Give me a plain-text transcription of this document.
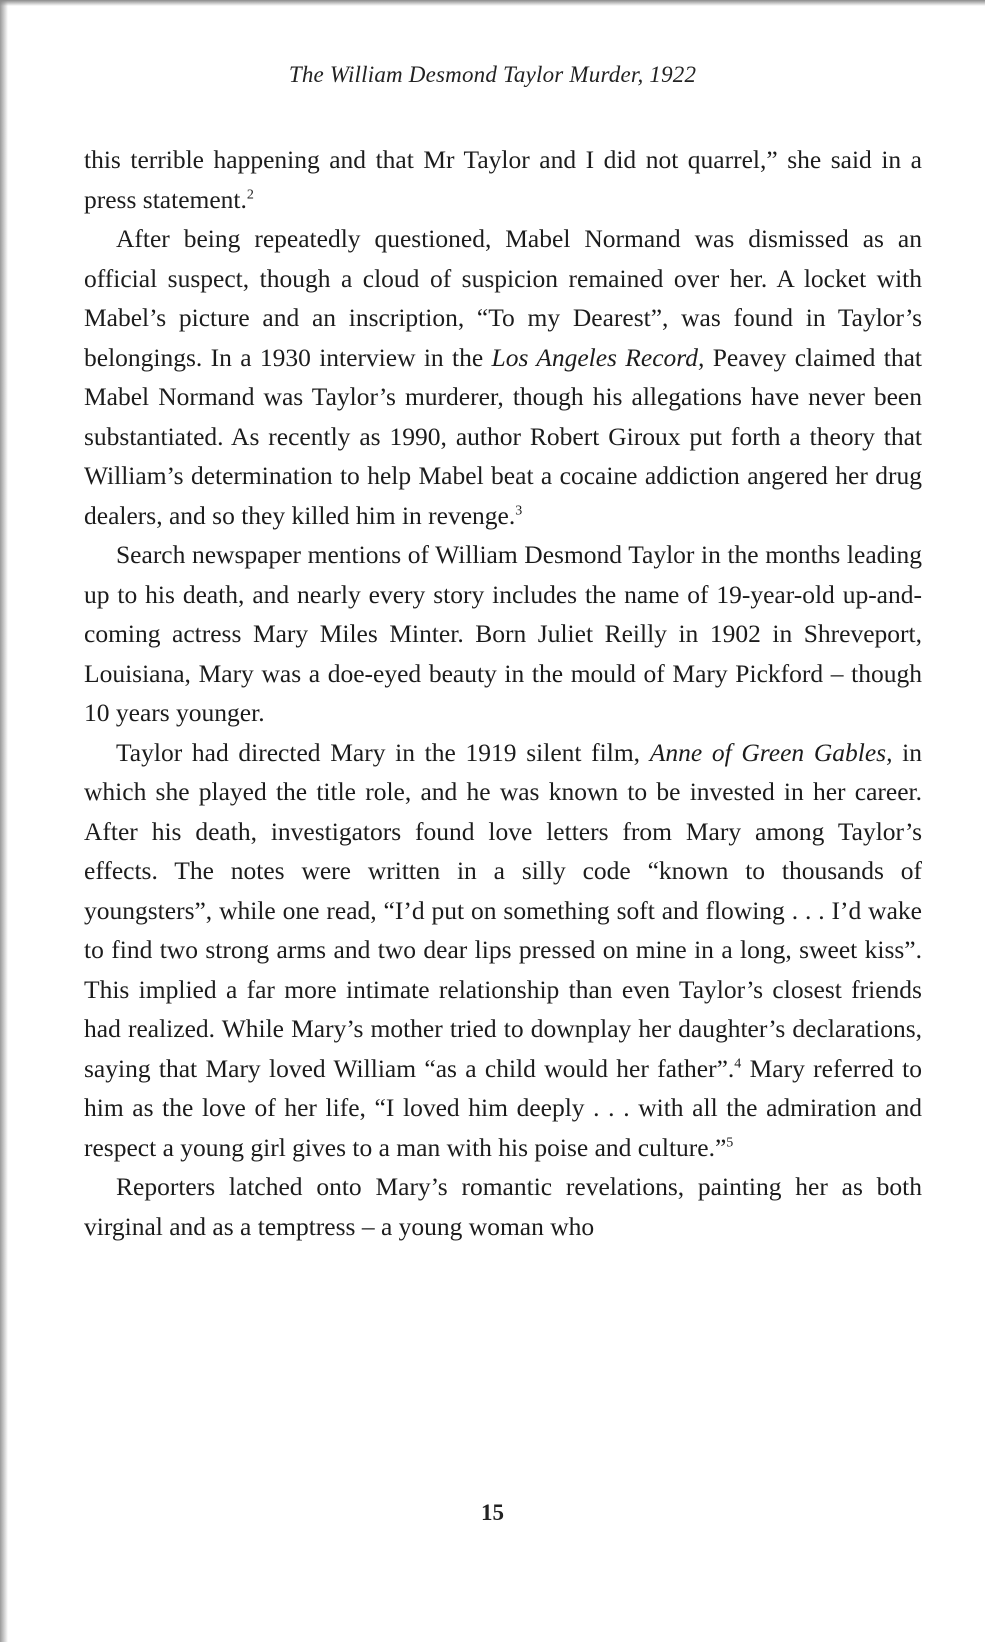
The William Desmond Taylor Murder, 1922

this terrible happening and that Mr Taylor and I did not quarrel,” she said in a press statement.$^2$

After being repeatedly questioned, Mabel Normand was dismissed as an official suspect, though a cloud of suspicion remained over her. A locket with Mabel’s picture and an inscription, “To my Dearest”, was found in Taylor’s belongings. In a 1930 interview in the Los Angeles Record, Peavey claimed that Mabel Normand was Taylor’s murderer, though his allegations have never been substantiated. As recently as 1990, author Robert Giroux put forth a theory that William’s determination to help Mabel beat a cocaine addiction angered her drug dealers, and so they killed him in revenge.$^3$

Search newspaper mentions of William Desmond Taylor in the months leading up to his death, and nearly every story includes the name of 19-year-old up-and-coming actress Mary Miles Minter. Born Juliet Reilly in 1902 in Shreveport, Louisiana, Mary was a doe-eyed beauty in the mould of Mary Pickford – though 10 years younger.

Taylor had directed Mary in the 1919 silent film, Anne of Green Gables, in which she played the title role, and he was known to be invested in her career. After his death, investigators found love letters from Mary among Taylor’s effects. The notes were written in a silly code “known to thousands of youngsters”, while one read, “I’d put on something soft and flowing . . . I’d wake to find two strong arms and two dear lips pressed on mine in a long, sweet kiss”. This implied a far more intimate relationship than even Taylor’s closest friends had realized. While Mary’s mother tried to downplay her daughter’s declarations, saying that Mary loved William “as a child would her father”.$^4$ Mary referred to him as the love of her life, “I loved him deeply . . . with all the admiration and respect a young girl gives to a man with his poise and culture.”$^5$

Reporters latched onto Mary’s romantic revelations, painting her as both virginal and as a temptress – a young woman who

15
